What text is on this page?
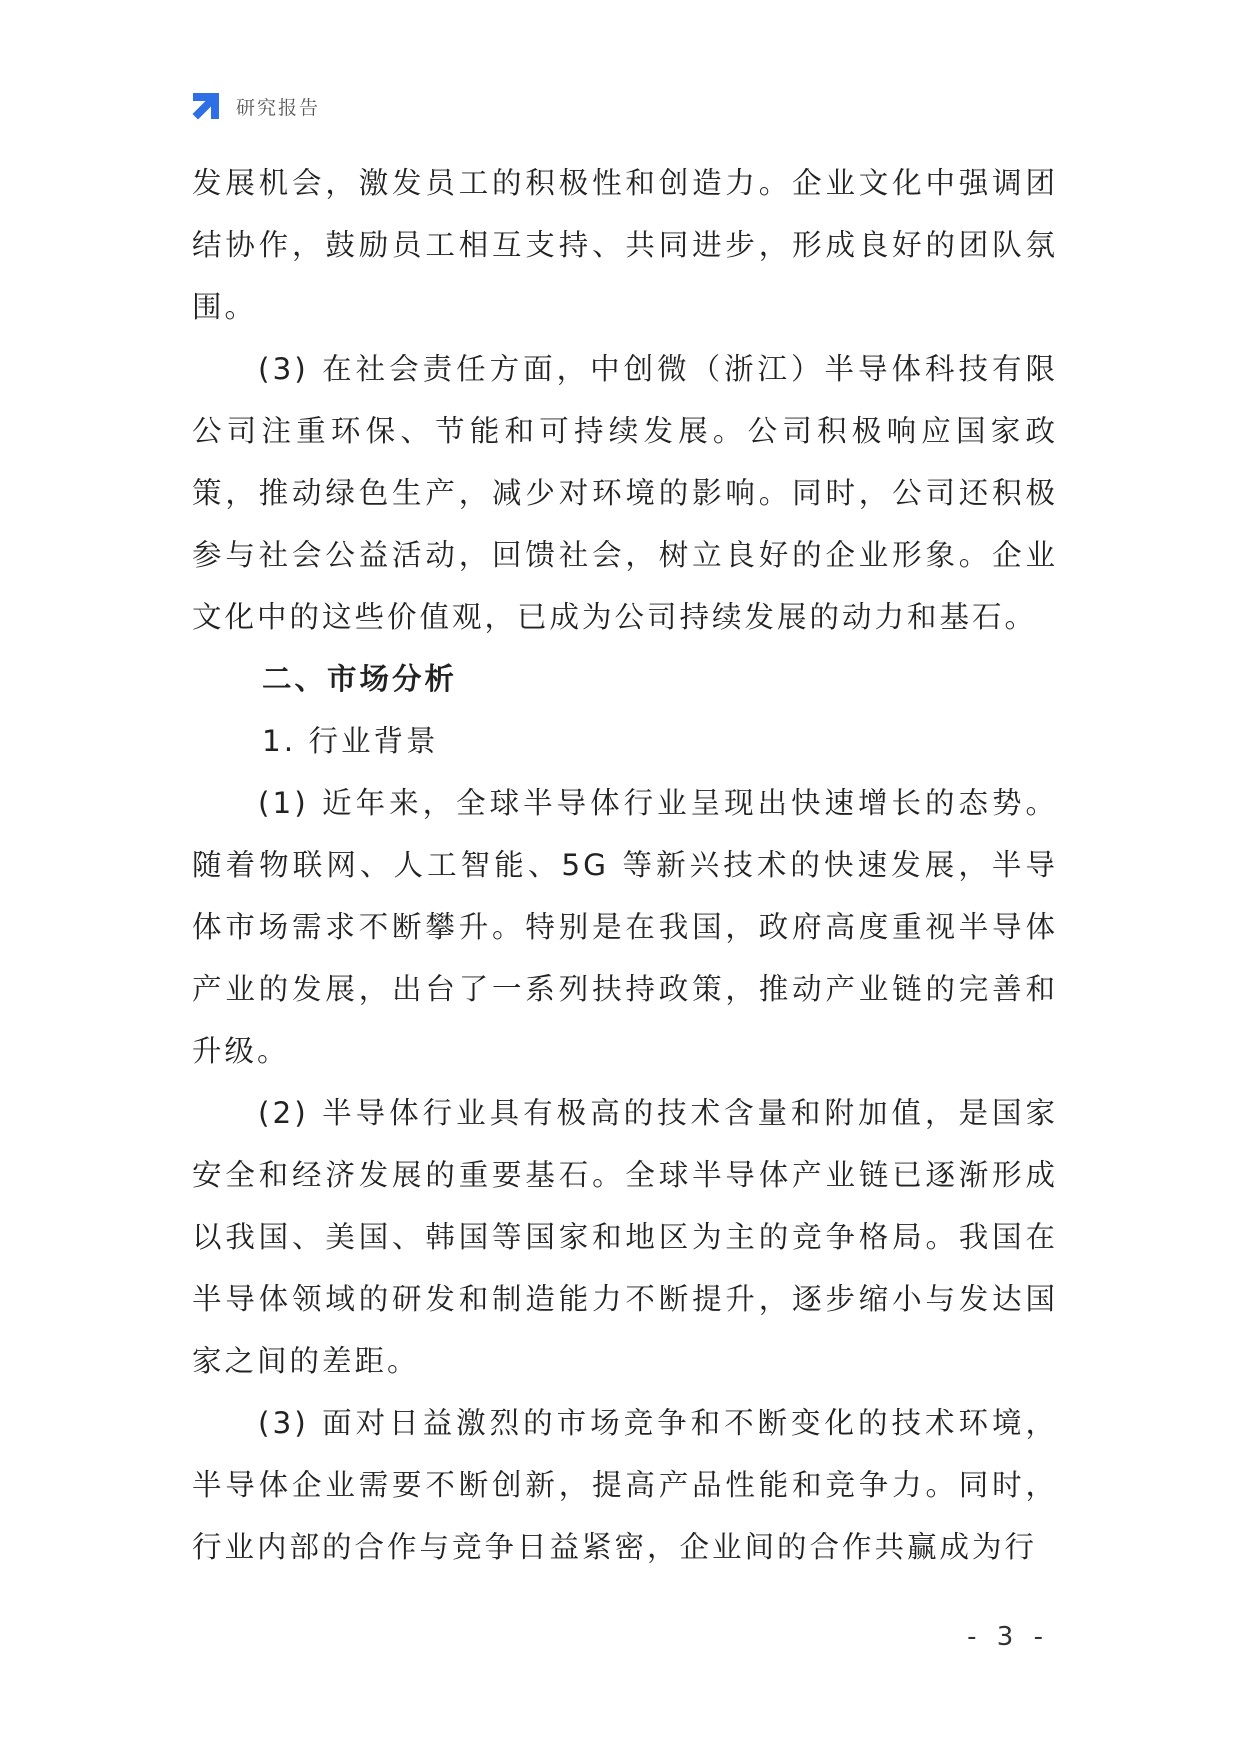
研究报告

发展机会，激发员工的积极性和创造力。企业文化中强调团结协作，鼓励员工相互支持、共同进步，形成良好的团队氛围。

(3) 在社会责任方面，中创微（浙江）半导体科技有限公司注重环保、节能和可持续发展。公司积极响应国家政策，推动绿色生产，减少对环境的影响。同时，公司还积极参与社会公益活动，回馈社会，树立良好的企业形象。企业文化中的这些价值观，已成为公司持续发展的动力和基石。

二、市场分析

1. 行业背景

(1) 近年来，全球半导体行业呈现出快速增长的态势。随着物联网、人工智能、5G 等新兴技术的快速发展，半导体市场需求不断攀升。特别是在我国，政府高度重视半导体产业的发展，出台了一系列扶持政策，推动产业链的完善和升级。

(2) 半导体行业具有极高的技术含量和附加值，是国家安全和经济发展的重要基石。全球半导体产业链已逐渐形成以我国、美国、韩国等国家和地区为主的竞争格局。我国在半导体领域的研发和制造能力不断提升，逐步缩小与发达国家之间的差距。

(3) 面对日益激烈的市场竞争和不断变化的技术环境，半导体企业需要不断创新，提高产品性能和竞争力。同时，行业内部的合作与竞争日益紧密，企业间的合作共赢成为行

- 3 -
